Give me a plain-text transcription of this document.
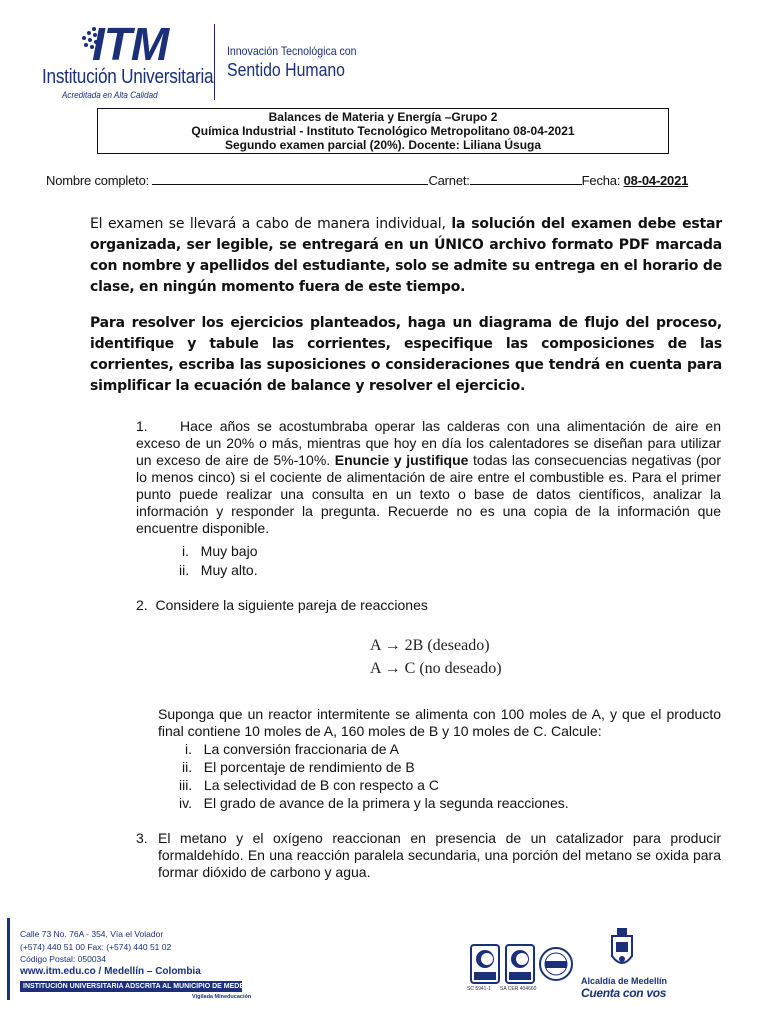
ITM
Institución Universitaria
Acreditada en Alta Calidad
Innovación Tecnológica con
Sentido Humano
Balances de Materia y Energía –Grupo 2
Química Industrial - Instituto Tecnológico Metropolitano 08-04-2021
Segundo examen parcial (20%). Docente: Liliana Úsuga
Nombre completo:	Carnet:	Fecha: 08-04-2021
El examen se llevará a cabo de manera individual, la solución del examen debe estar organizada, ser legible, se entregará en un ÚNICO archivo formato PDF marcada con nombre y apellidos del estudiante, solo se admite su entrega en el horario de clase, en ningún momento fuera de este tiempo.
Para resolver los ejercicios planteados, haga un diagrama de flujo del proceso, identifique y tabule las corrientes, especifique las composiciones de las corrientes, escriba las suposiciones o consideraciones que tendrá en cuenta para simplificar la ecuación de balance y resolver el ejercicio.
1. Hace años se acostumbraba operar las calderas con una alimentación de aire en exceso de un 20% o más, mientras que hoy en día los calentadores se diseñan para utilizar un exceso de aire de 5%-10%. Enuncie y justifique todas las consecuencias negativas (por lo menos cinco) si el cociente de alimentación de aire entre el combustible es. Para el primer punto puede realizar una consulta en un texto o base de datos científicos, analizar la información y responder la pregunta. Recuerde no es una copia de la información que encuentre disponible.
i. Muy bajo
ii. Muy alto.
2. Considere la siguiente pareja de reacciones
A → 2B (deseado)
A → C (no deseado)
Suponga que un reactor intermitente se alimenta con 100 moles de A, y que el producto final contiene 10 moles de A, 160 moles de B y 10 moles de C. Calcule:
i. La conversión fraccionaria de A
ii. El porcentaje de rendimiento de B
iii. La selectividad de B con respecto a C
iv. El grado de avance de la primera y la segunda reacciones.
3. El metano y el oxígeno reaccionan en presencia de un catalizador para producir formaldehído. En una reacción paralela secundaria, una porción del metano se oxida para formar dióxido de carbono y agua.
Calle 73 No. 76A - 354, Vía el Volador
(+574) 440 51 00 Fax: (+574) 440 51 02
Código Postal: 050034
www.itm.edu.co / Medellín – Colombia
INSTITUCIÓN UNIVERSITARIA ADSCRITA AL MUNICIPIO DE MEDELLÍN
Vigilada Mineducación
SC 5941-1 SA CER 404660
Alcaldía de Medellín
Cuenta con vos
